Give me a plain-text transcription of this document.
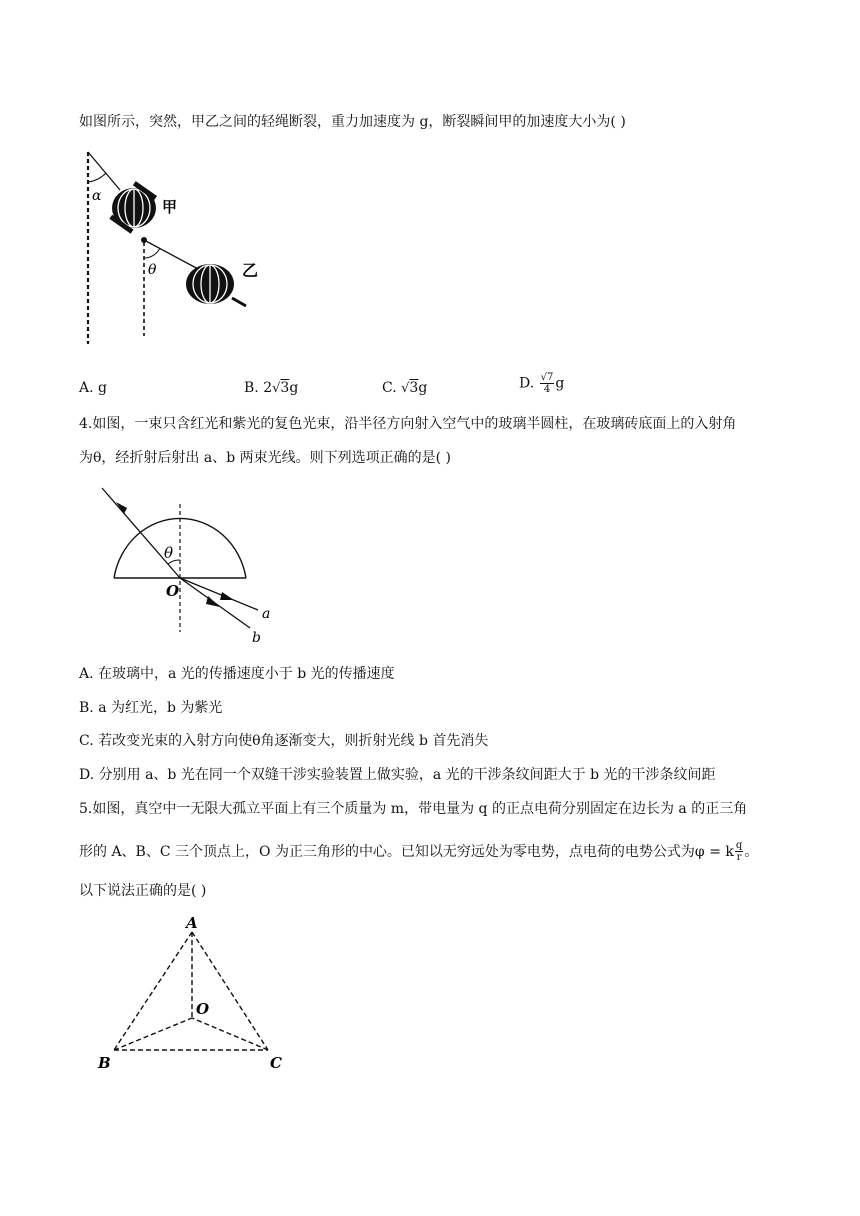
如图所示，突然，甲乙之间的轻绳断裂，重力加速度为 g，断裂瞬间甲的加速度大小为( )
α
甲
θ	乙
A. g	B. 2√3g	C. √3g	D. $\frac{√7}{4}$ g
4.如图，一束只含红光和紫光的复色光束，沿半径方向射入空气中的玻璃半圆柱，在玻璃砖底面上的入射角
为θ，经折射后射出 a、b 两束光线。则下列选项正确的是( )
θ
O
a
b
A. 在玻璃中，a 光的传播速度小于 b 光的传播速度
B. a 为红光，b 为紫光
C. 若改变光束的入射方向使θ角逐渐变大，则折射光线 b 首先消失
D. 分别用 a、b 光在同一个双缝干涉实验装置上做实验，a 光的干涉条纹间距大于 b 光的干涉条纹间距
5.如图，真空中一无限大孤立平面上有三个质量为 m，带电量为 q 的正点电荷分别固定在边长为 a 的正三角
形的 A、B、C 三个顶点上，O 为正三角形的中心。已知以无穷远处为零电势，点电荷的电势公式为φ = k $\frac{q}{r}$ 。
以下说法正确的是( )
A
O
B	C
